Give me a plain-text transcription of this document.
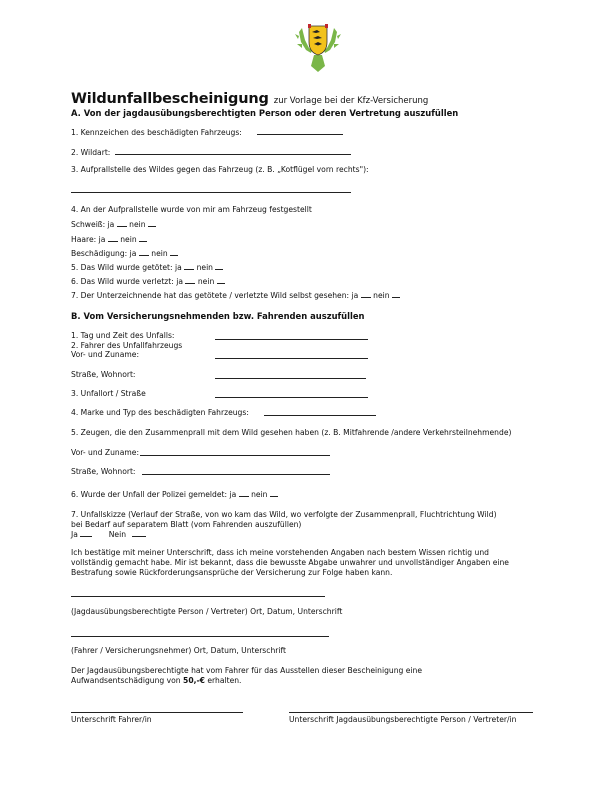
Wildunfallbescheinigung zur Vorlage bei der Kfz-Versicherung
A. Von der jagdausübungsberechtigten Person oder deren Vertretung auszufüllen
1. Kennzeichen des beschädigten Fahrzeugs:
2. Wildart:
3. Aufprallstelle des Wildes gegen das Fahrzeug (z. B. „Kotflügel vorn rechts"):
4. An der Aufprallstelle wurde von mir am Fahrzeug festgestellt
Schweiß: ja nein
Haare: ja nein
Beschädigung: ja nein
5. Das Wild wurde getötet: ja nein
6. Das Wild wurde verletzt: ja nein
7. Der Unterzeichnende hat das getötete / verletzte Wild selbst gesehen: ja nein
B. Vom Versicherungsnehmenden bzw. Fahrenden auszufüllen
1. Tag und Zeit des Unfalls:
2. Fahrer des Unfallfahrzeugs
Vor- und Zuname:
Straße, Wohnort:
3. Unfallort / Straße
4. Marke und Typ des beschädigten Fahrzeugs:
5. Zeugen, die den Zusammenprall mit dem Wild gesehen haben (z. B. Mitfahrende /andere Verkehrsteilnehmende)
Vor- und Zuname:
Straße, Wohnort:
6. Wurde der Unfall der Polizei gemeldet: ja nein
7. Unfallskizze (Verlauf der Straße, von wo kam das Wild, wo verfolgte der Zusammenprall, Fluchtrichtung Wild)
bei Bedarf auf separatem Blatt (vom Fahrenden auszufüllen)
Ja	Nein
Ich bestätige mit meiner Unterschrift, dass ich meine vorstehenden Angaben nach bestem Wissen richtig und
vollständig gemacht habe. Mir ist bekannt, dass die bewusste Abgabe unwahrer und unvollständiger Angaben eine
Bestrafung sowie Rückforderungsansprüche der Versicherung zur Folge haben kann.
(Jagdausübungsberechtigte Person / Vertreter) Ort, Datum, Unterschrift
(Fahrer / Versicherungsnehmer) Ort, Datum, Unterschrift
Der Jagdausübungsberechtigte hat vom Fahrer für das Ausstellen dieser Bescheinigung eine
Aufwandsentschädigung von 50,-€ erhalten.
Unterschrift Fahrer/in	Unterschrift Jagdausübungsberechtigte Person / Vertreter/in
